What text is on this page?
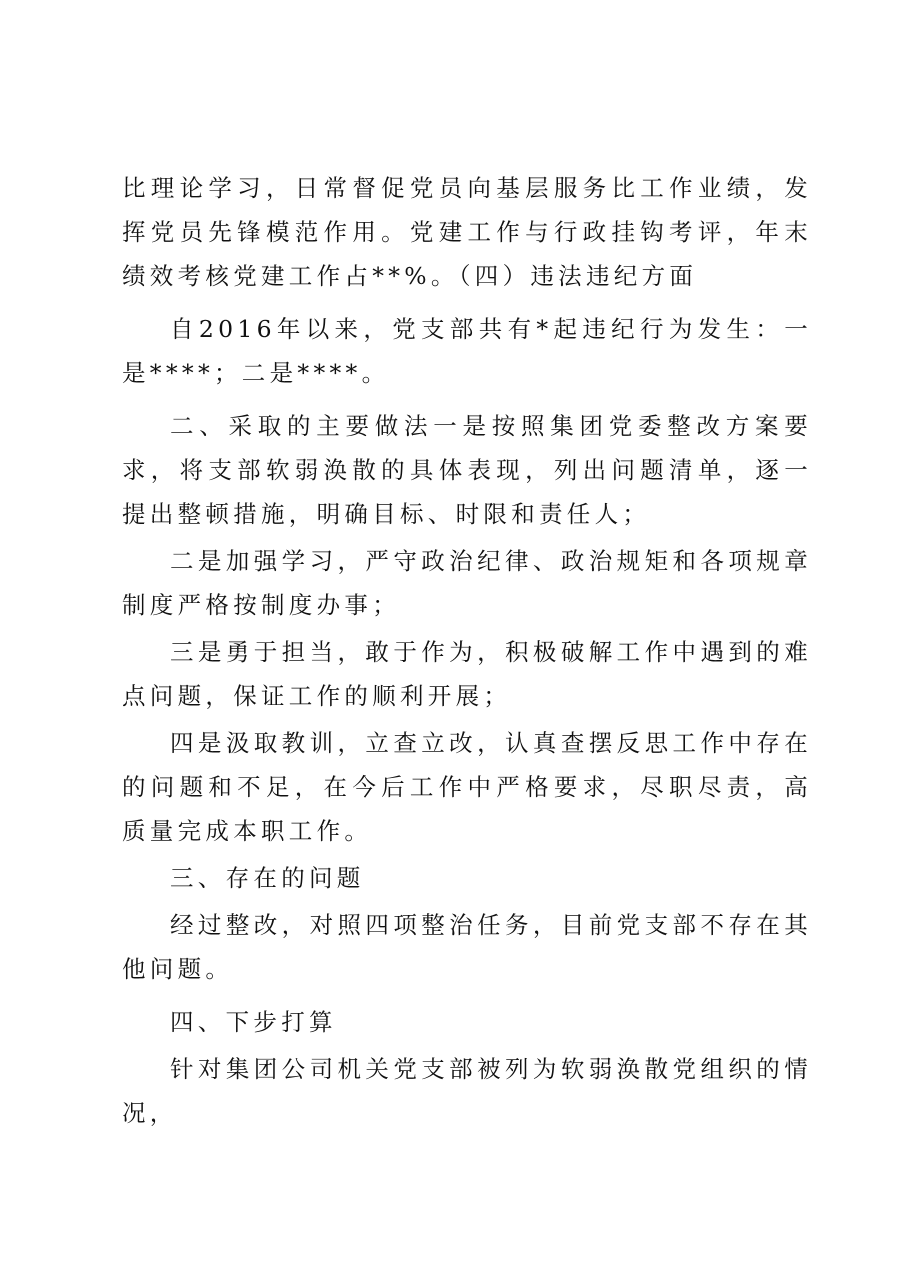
比理论学习，日常督促党员向基层服务比工作业绩，发挥党员先锋模范作用。党建工作与行政挂钩考评，年末绩效考核党建工作占**%。（四）违法违纪方面

自2016年以来，党支部共有*起违纪行为发生：一是****；二是****。

二、采取的主要做法一是按照集团党委整改方案要求，将支部软弱涣散的具体表现，列出问题清单，逐一提出整顿措施，明确目标、时限和责任人；

二是加强学习，严守政治纪律、政治规矩和各项规章制度严格按制度办事；

三是勇于担当，敢于作为，积极破解工作中遇到的难点问题，保证工作的顺利开展；

四是汲取教训，立查立改，认真查摆反思工作中存在的问题和不足，在今后工作中严格要求，尽职尽责，高质量完成本职工作。

三、存在的问题

经过整改，对照四项整治任务，目前党支部不存在其他问题。

四、下步打算

针对集团公司机关党支部被列为软弱涣散党组织的情况，
